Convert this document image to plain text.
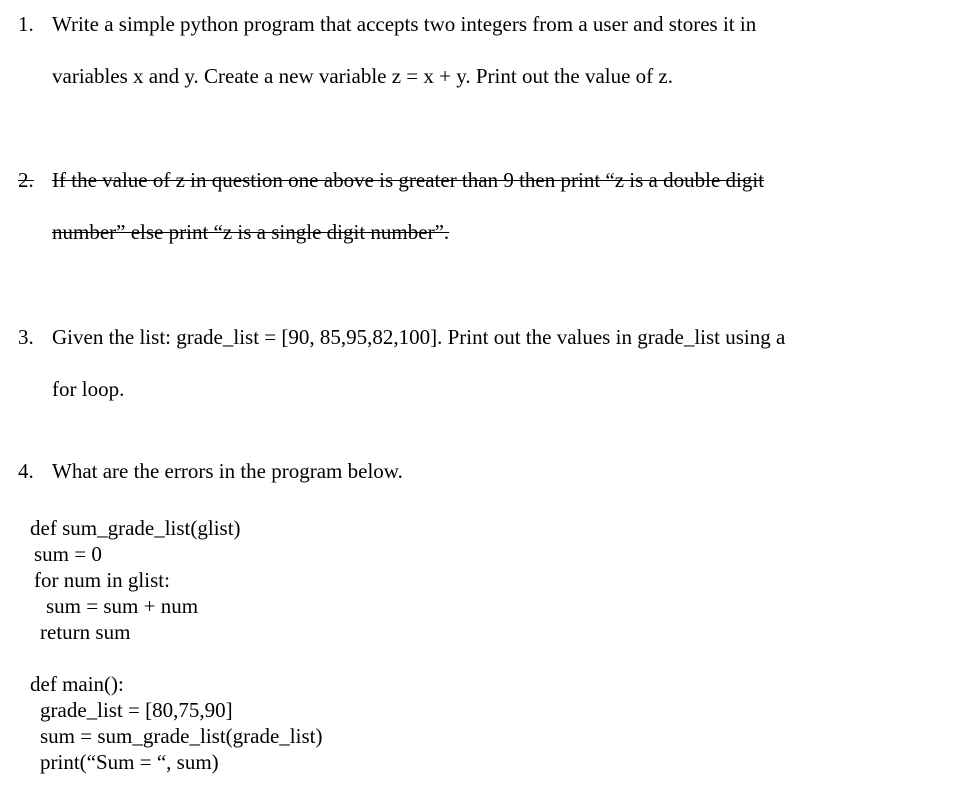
1. Write a simple python program that accepts two integers from a user and stores it in
variables x and y. Create a new variable z = x + y. Print out the value of z.
2. If the value of z in question one above is greater than 9 then print “z is a double digit
number” else print “z is a single digit number”.
3. Given the list: grade_list = [90, 85,95,82,100]. Print out the values in grade_list using a
for loop.
4. What are the errors in the program below.
def sum_grade_list(glist)
sum = 0
for num in glist:
sum = sum + num
return sum
def main():
grade_list = [80,75,90]
sum = sum_grade_list(grade_list)
print(“Sum = “, sum)
